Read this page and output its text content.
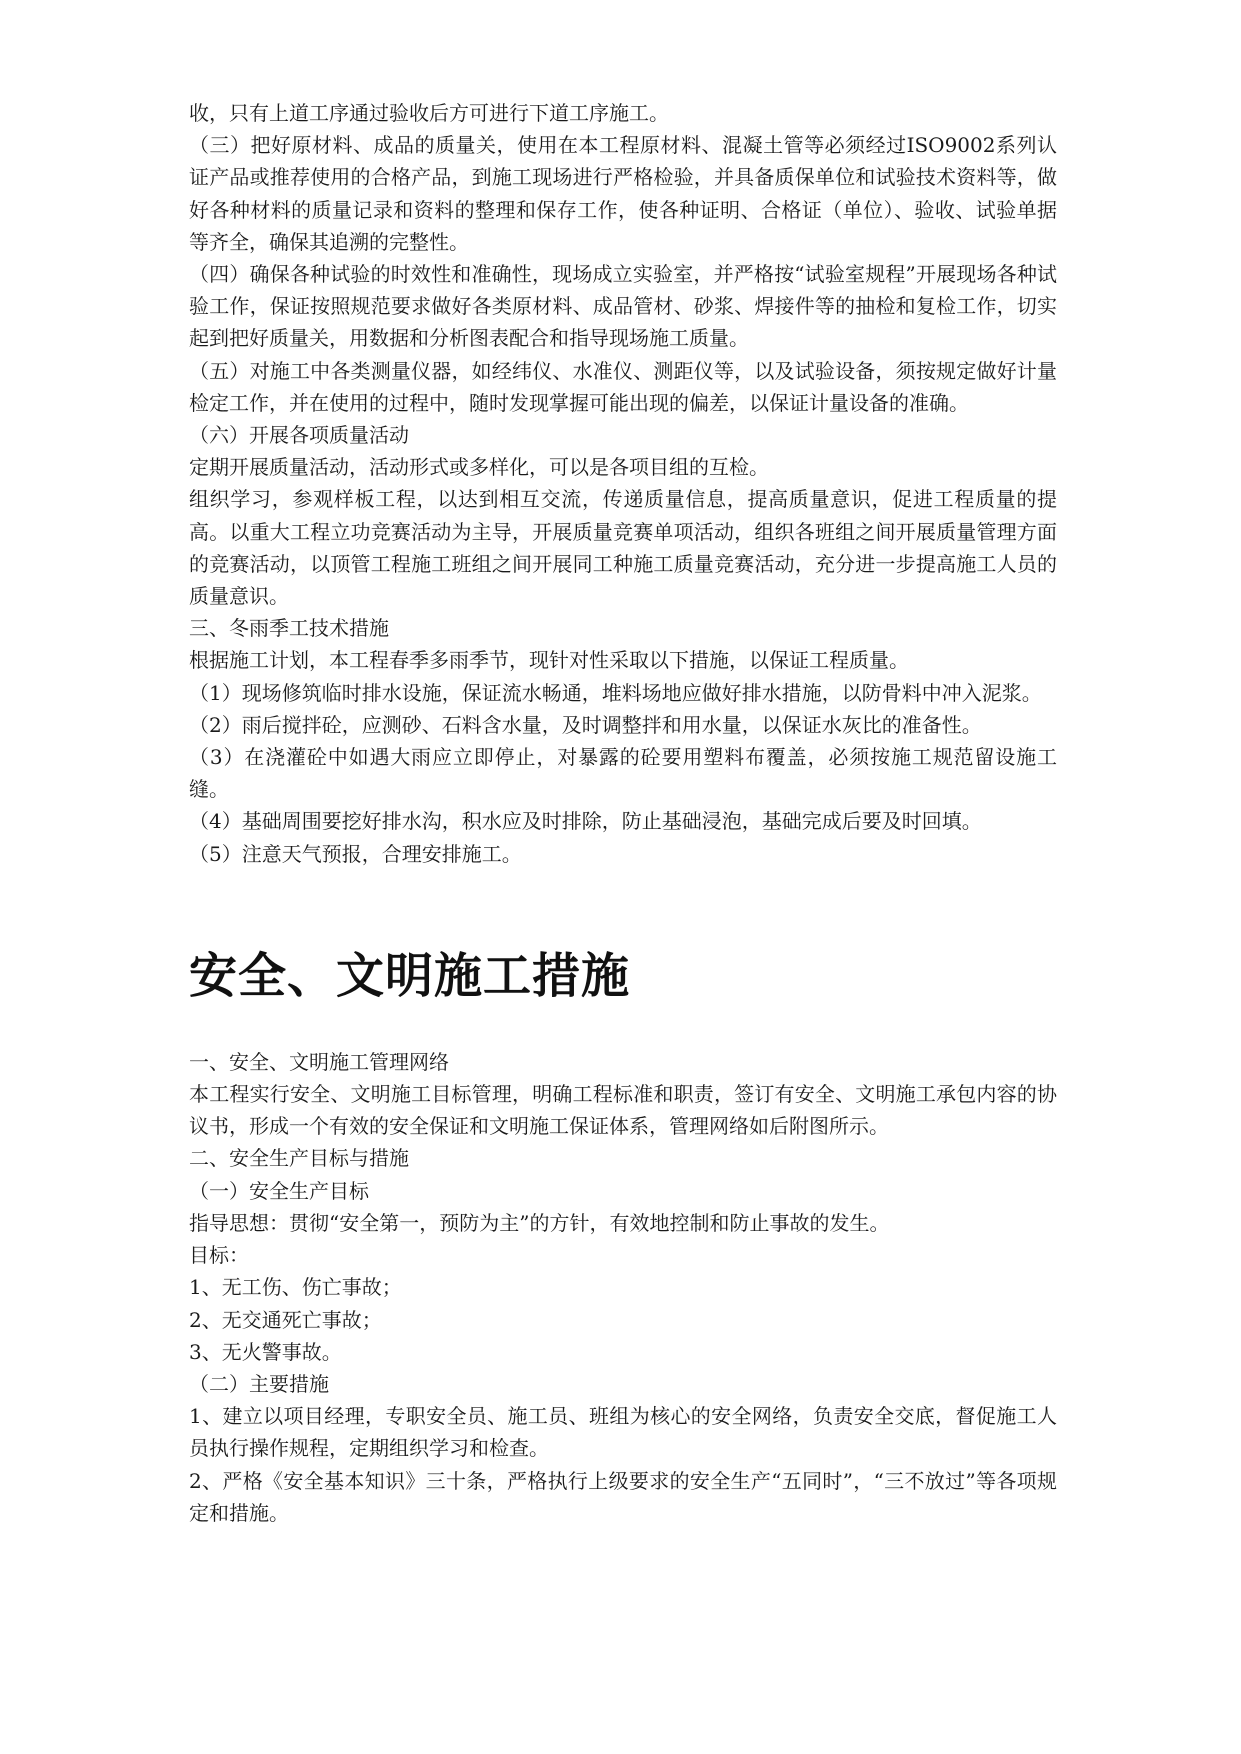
收，只有上道工序通过验收后方可进行下道工序施工。

（三）把好原材料、成品的质量关，使用在本工程原材料、混凝土管等必须经过ISO9002系列认证产品或推荐使用的合格产品，到施工现场进行严格检验，并具备质保单位和试验技术资料等，做好各种材料的质量记录和资料的整理和保存工作，使各种证明、合格证（单位）、验收、试验单据等齐全，确保其追溯的完整性。

（四）确保各种试验的时效性和准确性，现场成立实验室，并严格按“试验室规程”开展现场各种试验工作，保证按照规范要求做好各类原材料、成品管材、砂浆、焊接件等的抽检和复检工作，切实起到把好质量关，用数据和分析图表配合和指导现场施工质量。

（五）对施工中各类测量仪器，如经纬仪、水准仪、测距仪等，以及试验设备，须按规定做好计量检定工作，并在使用的过程中，随时发现掌握可能出现的偏差，以保证计量设备的准确。

（六）开展各项质量活动

定期开展质量活动，活动形式或多样化，可以是各项目组的互检。

组织学习，参观样板工程，以达到相互交流，传递质量信息，提高质量意识，促进工程质量的提高。以重大工程立功竞赛活动为主导，开展质量竞赛单项活动，组织各班组之间开展质量管理方面的竞赛活动，以顶管工程施工班组之间开展同工种施工质量竞赛活动，充分进一步提高施工人员的质量意识。

三、冬雨季工技术措施

根据施工计划，本工程春季多雨季节，现针对性采取以下措施，以保证工程质量。

（1）现场修筑临时排水设施，保证流水畅通，堆料场地应做好排水措施，以防骨料中冲入泥浆。

（2）雨后搅拌砼，应测砂、石料含水量，及时调整拌和用水量，以保证水灰比的准备性。

（3）在浇灌砼中如遇大雨应立即停止，对暴露的砼要用塑料布覆盖，必须按施工规范留设施工缝。

（4）基础周围要挖好排水沟，积水应及时排除，防止基础浸泡，基础完成后要及时回填。

（5）注意天气预报，合理安排施工。

安全、文明施工措施

一、安全、文明施工管理网络

本工程实行安全、文明施工目标管理，明确工程标准和职责，签订有安全、文明施工承包内容的协议书，形成一个有效的安全保证和文明施工保证体系，管理网络如后附图所示。

二、安全生产目标与措施

（一）安全生产目标

指导思想：贯彻“安全第一，预防为主”的方针，有效地控制和防止事故的发生。

目标：

1、无工伤、伤亡事故；

2、无交通死亡事故；

3、无火警事故。

（二）主要措施

1、建立以项目经理，专职安全员、施工员、班组为核心的安全网络，负责安全交底，督促施工人员执行操作规程，定期组织学习和检查。

2、严格《安全基本知识》三十条，严格执行上级要求的安全生产“五同时”，“三不放过”等各项规定和措施。
